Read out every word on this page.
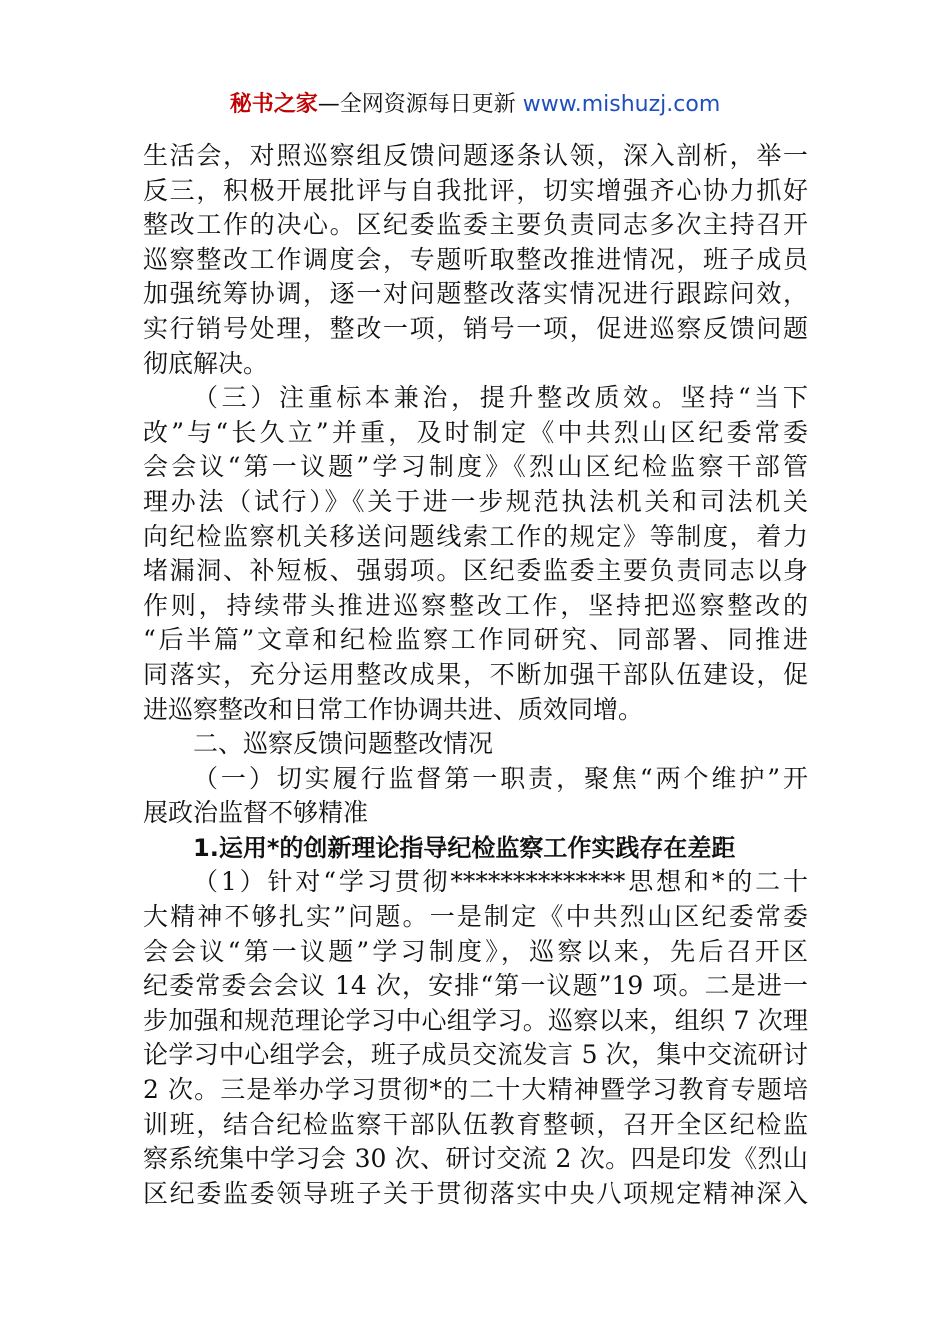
秘书之家—全网资源每日更新 www.mishuzj.com
生活会，对照巡察组反馈问题逐条认领，深入剖析，举一
反三，积极开展批评与自我批评，切实增强齐心协力抓好
整改工作的决心。区纪委监委主要负责同志多次主持召开
巡察整改工作调度会，专题听取整改推进情况，班子成员
加强统筹协调，逐一对问题整改落实情况进行跟踪问效，
实行销号处理，整改一项，销号一项，促进巡察反馈问题
彻底解决。
（三）注重标本兼治，提升整改质效。坚持“当下
改”与“长久立”并重，及时制定《中共烈山区纪委常委
会会议“第一议题”学习制度》《烈山区纪检监察干部管
理办法（试行）》《关于进一步规范执法机关和司法机关
向纪检监察机关移送问题线索工作的规定》等制度，着力
堵漏洞、补短板、强弱项。区纪委监委主要负责同志以身
作则，持续带头推进巡察整改工作，坚持把巡察整改的
“后半篇”文章和纪检监察工作同研究、同部署、同推进
同落实，充分运用整改成果，不断加强干部队伍建设，促
进巡察整改和日常工作协调共进、质效同增。
二、巡察反馈问题整改情况
（一）切实履行监督第一职责，聚焦“两个维护”开
展政治监督不够精准
1.运用*的创新理论指导纪检监察工作实践存在差距
（1）针对“学习贯彻**************思想和*的二十
大精神不够扎实”问题。一是制定《中共烈山区纪委常委
会会议“第一议题”学习制度》，巡察以来，先后召开区
纪委常委会会议 14 次，安排“第一议题”19 项。二是进一
步加强和规范理论学习中心组学习。巡察以来，组织 7 次理
论学习中心组学会，班子成员交流发言 5 次，集中交流研讨
2 次。三是举办学习贯彻*的二十大精神暨学习教育专题培
训班，结合纪检监察干部队伍教育整顿，召开全区纪检监
察系统集中学习会 30 次、研讨交流 2 次。四是印发《烈山
区纪委监委领导班子关于贯彻落实中央八项规定精神深入
